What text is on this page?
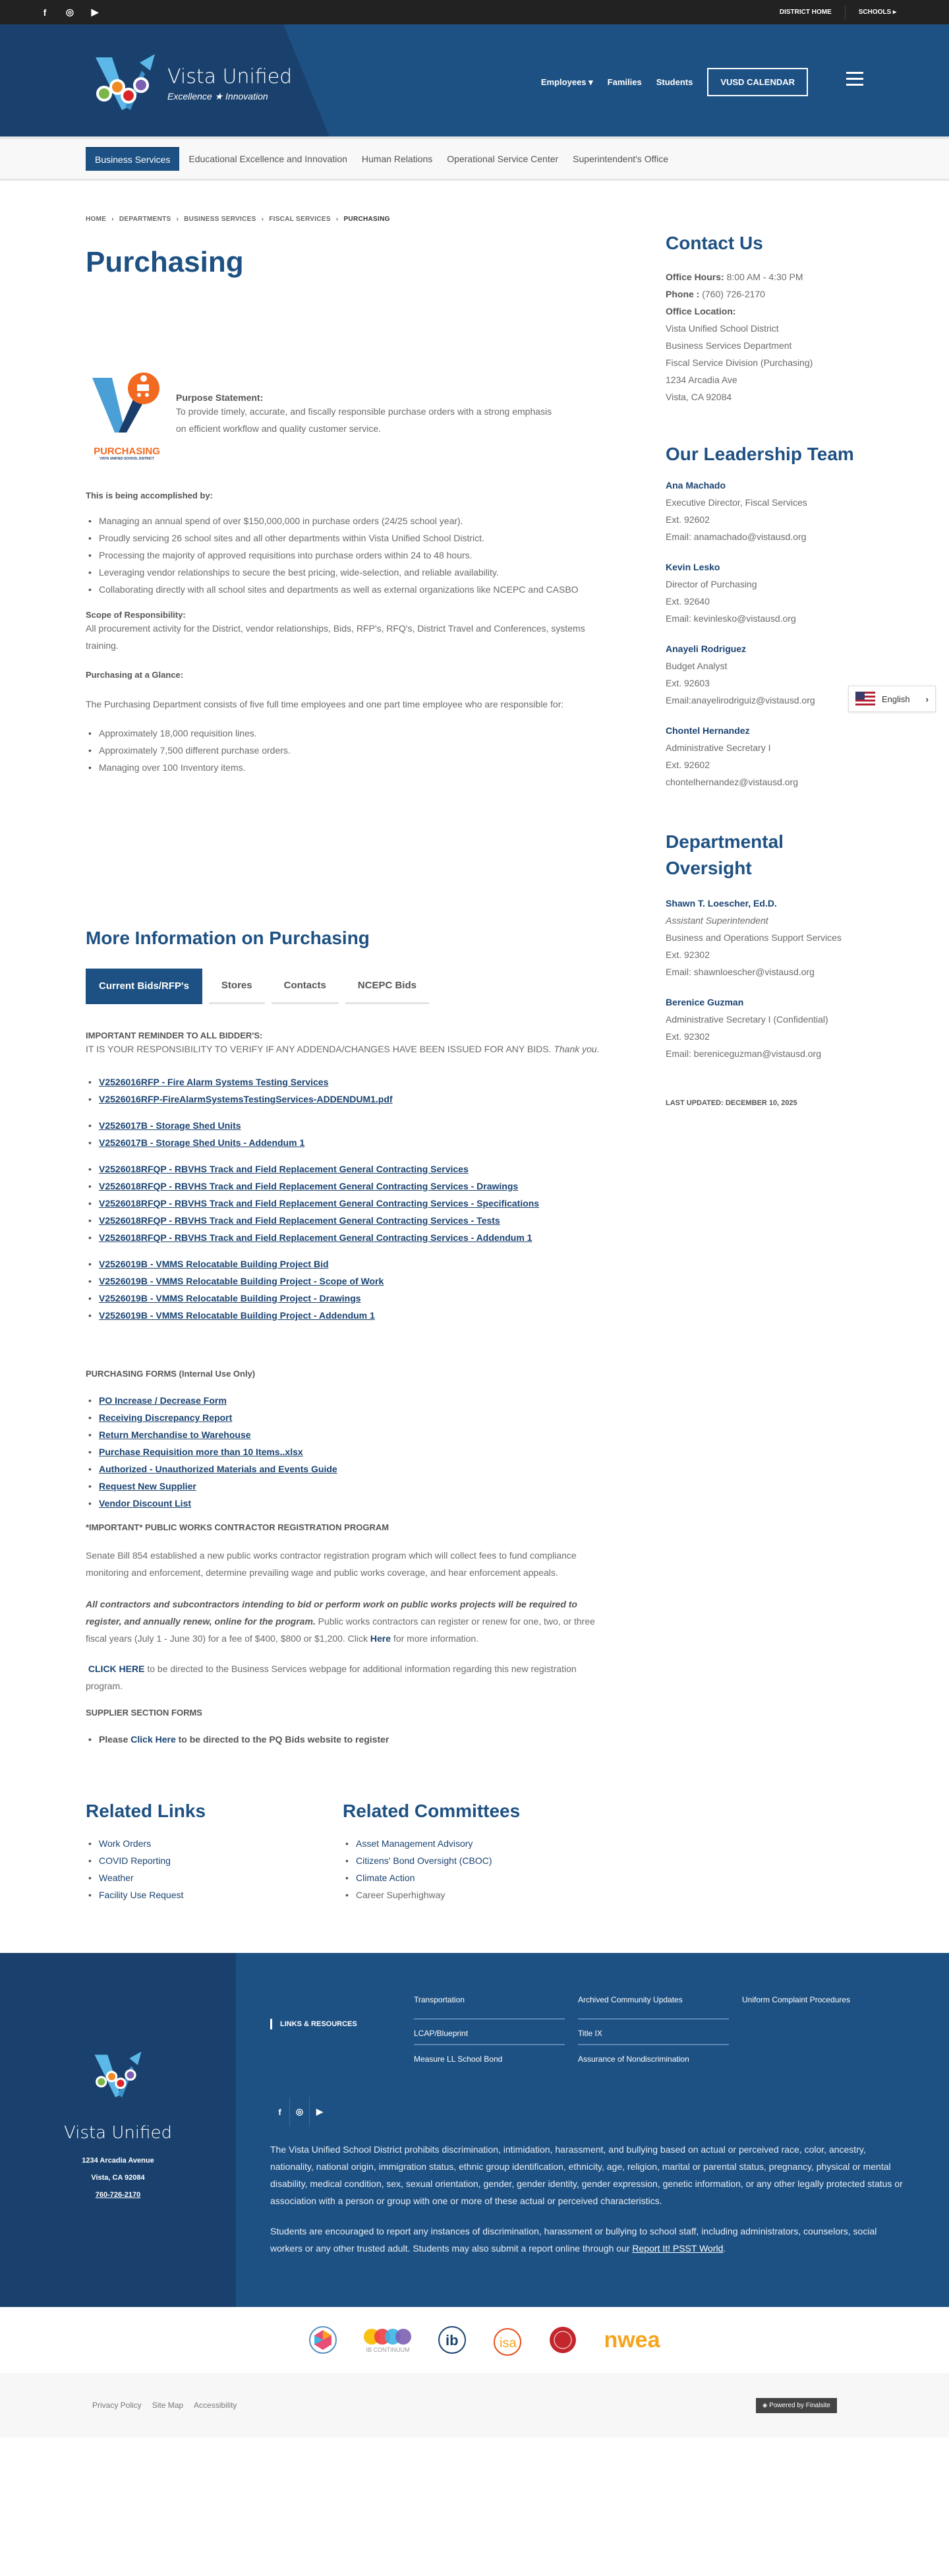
f	◎ ▶	DISTRICT HOME	SCHOOLS ▸
Vista Unified
Excellence ★ Innovation
Employees ▾ Families Students	VUSD CALENDAR
Business Services	Educational Excellence and Innovation	Human Relations	Operational Service Center	Superintendent's Office
HOME › DEPARTMENTS › BUSINESS SERVICES › FISCAL SERVICES › PURCHASING
Purchasing
PURCHASING
VISTA UNIFIED SCHOOL DISTRICT
Purpose Statement:

To provide timely, accurate, and fiscally responsible purchase orders with a strong emphasis on efficient workflow and quality customer service.

This is being accomplished by:
• Managing an annual spend of over $150,000,000 in purchase orders (24/25 school year).
• Proudly servicing 26 school sites and all other departments within Vista Unified School District.
• Processing the majority of approved requisitions into purchase orders within 24 to 48 hours.
• Leveraging vendor relationships to secure the best pricing, wide-selection, and reliable availability.
• Collaborating directly with all school sites and departments as well as external organizations like NCEPC and CASBO
Scope of Responsibility:

All procurement activity for the District, vendor relationships, Bids, RFP's, RFQ's, District Travel and Conferences, systems training.

Purchasing at a Glance:

The Purchasing Department consists of five full time employees and one part time employee who are responsible for:

• Approximately 18,000 requisition lines.
• Approximately 7,500 different purchase orders.
• Managing over 100 Inventory items.
More Information on Purchasing
Current Bids/RFP's	Stores	Contacts	NCEPC Bids
IMPORTANT REMINDER TO ALL BIDDER'S:

IT IS YOUR RESPONSIBILITY TO VERIFY IF ANY ADDENDA/CHANGES HAVE BEEN ISSUED FOR ANY BIDS. Thank you.

• V2526016RFP - Fire Alarm Systems Testing Services
• V2526016RFP-FireAlarmSystemsTestingServices-ADDENDUM1.pdf
• V2526017B - Storage Shed Units
• V2526017B - Storage Shed Units - Addendum 1
• V2526018RFQP - RBVHS Track and Field Replacement General Contracting Services
• V2526018RFQP - RBVHS Track and Field Replacement General Contracting Services - Drawings
• V2526018RFQP - RBVHS Track and Field Replacement General Contracting Services - Specifications
• V2526018RFQP - RBVHS Track and Field Replacement General Contracting Services - Tests
• V2526018RFQP - RBVHS Track and Field Replacement General Contracting Services - Addendum 1
• V2526019B - VMMS Relocatable Building Project Bid
• V2526019B - VMMS Relocatable Building Project - Scope of Work
• V2526019B - VMMS Relocatable Building Project - Drawings
• V2526019B - VMMS Relocatable Building Project - Addendum 1
PURCHASING FORMS (Internal Use Only)
• PO Increase / Decrease Form
• Receiving Discrepancy Report
• Return Merchandise to Warehouse
• Purchase Requisition more than 10 Items..xlsx
• Authorized - Unauthorized Materials and Events Guide
• Request New Supplier
• Vendor Discount List
*IMPORTANT* PUBLIC WORKS CONTRACTOR REGISTRATION PROGRAM

Senate Bill 854 established a new public works contractor registration program which will collect fees to fund compliance monitoring and enforcement, determine prevailing wage and public works coverage, and hear enforcement appeals.

All contractors and subcontractors intending to bid or perform work on public works projects will be required to register, and annually renew, online for the program. Public works contractors can register or renew for one, two, or three fiscal years (July 1 - June 30) for a fee of $400, $800 or $1,200. Click Here for more information.

CLICK HERE to be directed to the Business Services webpage for additional information regarding this new registration program.

SUPPLIER SECTION FORMS
• Please Click Here to be directed to the PQ Bids website to register
Related Links
• Work Orders
• COVID Reporting
• Weather
• Facility Use Request
Related Committees
• Asset Management Advisory
• Citizens' Bond Oversight (CBOC)
• Climate Action
• Career Superhighway
Contact Us

Office Hours: 8:00 AM - 4:30 PM

Phone : (760) 726-2170

Office Location:

Vista Unified School District

Business Services Department

Fiscal Service Division (Purchasing)

1234 Arcadia Ave

Vista, CA 92084

Our Leadership Team
Ana Machado

Executive Director, Fiscal Services

Ext. 92602

Email: anamachado@vistausd.org

Kevin Lesko

Director of Purchasing

Ext. 92640

Email: kevinlesko@vistausd.org

Anayeli Rodriguez

Budget Analyst

Ext. 92603

Email:anayelirodriguiz@vistausd.org

Chontel Hernandez

Administrative Secretary I

Ext. 92602

chontelhernandez@vistausd.org

Departmental Oversight
Shawn T. Loescher, Ed.D.

Assistant Superintendent

Business and Operations Support Services

Ext. 92302

Email: shawnloescher@vistausd.org

Berenice Guzman

Administrative Secretary I (Confidential)

Ext. 92302

Email: bereniceguzman@vistausd.org

LAST UPDATED: DECEMBER 10, 2025
English ›
Vista Unified
1234 Arcadia Avenue
Vista, CA 92084
760-726-2170
LINKS & RESOURCES
Transportation	Archived Community Updates	Uniform Complaint Procedures
LCAP/Blueprint	Title IX
Measure LL School Bond	Assurance of Nondiscrimination
f	◎	▶

The Vista Unified School District prohibits discrimination, intimidation, harassment, and bullying based on actual or perceived race, color, ancestry, nationality, national origin, immigration status, ethnic group identification, ethnicity, age, religion, marital or parental status, pregnancy, physical or mental disability, medical condition, sex, sexual orientation, gender, gender identity, gender expression, genetic information, or any other legally protected status or association with a person or group with one or more of these actual or perceived characteristics.

Students are encouraged to report any instances of discrimination, harassment or bullying to school staff, including administrators, counselors, social workers or any other trusted adult. Students may also submit a report online through our Report It! PSST World.

IB CONTINUUM
ib	isa	nwea
Privacy Policy Site Map Accessibility	◈ Powered by Finalsite
